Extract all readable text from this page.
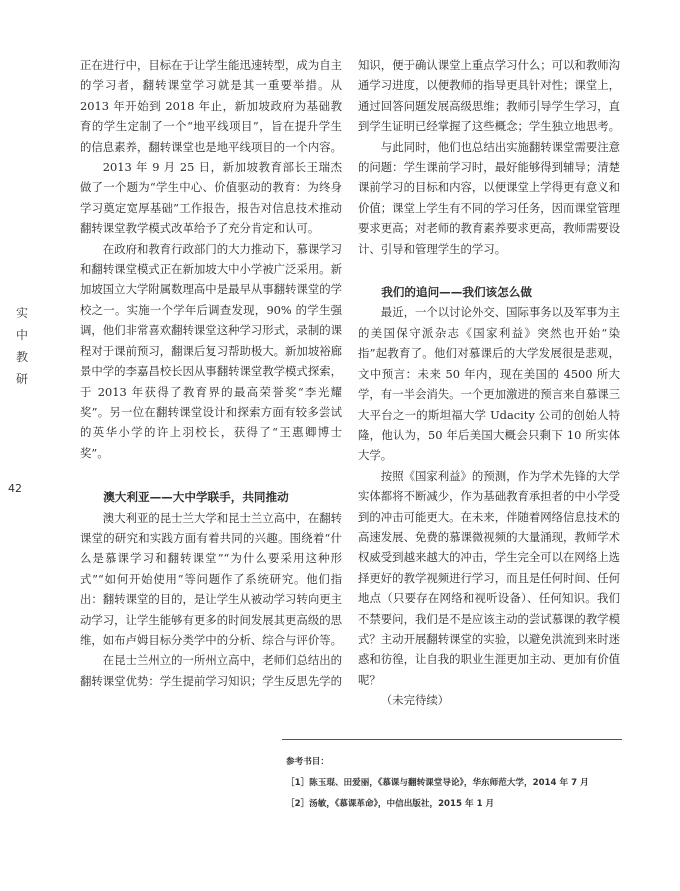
实
中
教
研
42

正在进行中，目标在于让学生能迅速转型，成为自主的学习者，翻转课堂学习就是其一重要举措。从 2013 年开始到 2018 年止，新加坡政府为基础教育的学生定制了一个“地平线项目”，旨在提升学生的信息素养，翻转课堂也是地平线项目的一个内容。

2013 年 9 月 25 日，新加坡教育部长王瑞杰做了一个题为“学生中心、价值驱动的教育：为终身学习奠定宽厚基础”工作报告，报告对信息技术推动翻转课堂教学模式改革给予了充分肯定和认可。

在政府和教育行政部门的大力推动下，慕课学习和翻转课堂模式正在新加坡大中小学被广泛采用。新加坡国立大学附属数理高中是最早从事翻转课堂的学校之一。实施一个学年后调查发现，90% 的学生强调，他们非常喜欢翻转课堂这种学习形式，录制的课程对于课前预习，翻课后复习帮助极大。新加坡裕廊景中学的李嘉昌校长因从事翻转课堂教学模式探索，于 2013 年获得了教育界的最高荣誉奖“李光耀奖”。另一位在翻转课堂设计和探索方面有较多尝试的英华小学的许上羽校长，获得了“王惠卿博士奖”。

澳大利亚——大中学联手，共同推动

澳大利亚的昆士兰大学和昆士兰立高中，在翻转课堂的研究和实践方面有着共同的兴趣。围绕着“什么是慕课学习和翻转课堂”“为什么要采用这种形式”“如何开始使用”等问题作了系统研究。他们指出：翻转课堂的目的，是让学生从被动学习转向更主动学习，让学生能够有更多的时间发展其更高级的思维，如布卢姆目标分类学中的分析、综合与评价等。

在昆士兰州立的一所州立高中，老师们总结出的翻转课堂优势：学生提前学习知识；学生反思先学的

知识，便于确认课堂上重点学习什么；可以和教师沟通学习进度，以便教师的指导更具针对性；课堂上，通过回答问题发展高级思维；教师引导学生学习，直到学生证明已经掌握了这些概念；学生独立地思考。

与此同时，他们也总结出实施翻转课堂需要注意的问题：学生课前学习时，最好能够得到辅导；清楚课前学习的目标和内容，以便课堂上学得更有意义和价值；课堂上学生有不同的学习任务，因而课堂管理要求更高；对老师的教育素养要求更高，教师需要设计、引导和管理学生的学习。

我们的追问——我们该怎么做

最近，一个以讨论外交、国际事务以及军事为主的美国保守派杂志《国家利益》突然也开始“染指”起教育了。他们对慕课后的大学发展很是悲观，文中预言：未来 50 年内，现在美国的 4500 所大学，有一半会消失。一个更加激进的预言来自慕课三大平台之一的斯坦福大学 Udacity 公司的创始人特隆，他认为，50 年后美国大概会只剩下 10 所实体大学。

按照《国家利益》的预测，作为学术先锋的大学实体都将不断减少，作为基础教育承担者的中小学受到的冲击可能更大。在未来，伴随着网络信息技术的高速发展、免费的慕课微视频的大量涌现，教师学术权威受到越来越大的冲击，学生完全可以在网络上选择更好的教学视频进行学习，而且是任何时间、任何地点（只要存在网络和视听设备）、任何知识。我们不禁要问，我们是不是应该主动的尝试慕课的教学模式？主动开展翻转课堂的实验，以避免洪流到来时迷惑和彷徨，让自我的职业生涯更加主动、更加有价值呢？

（未完待续）

参考书目：
［1］陈玉琨、田爱丽，《慕课与翻转课堂导论》，华东师范大学，2014 年 7 月
［2］汤敏，《慕课革命》，中信出版社，2015 年 1 月
